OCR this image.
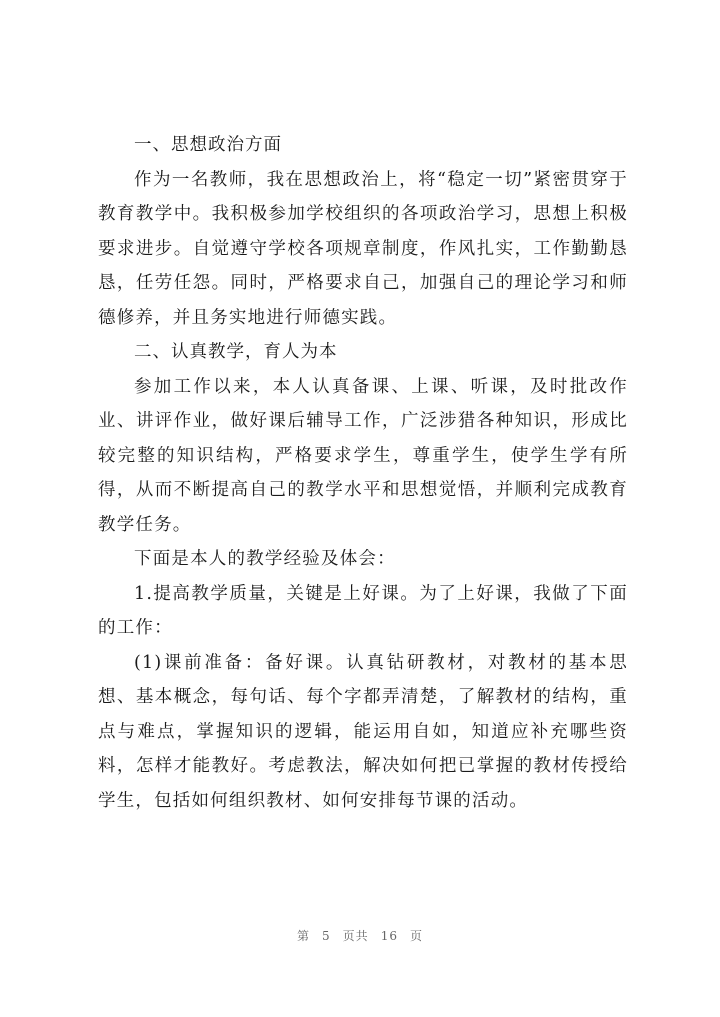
一、思想政治方面

作为一名教师，我在思想政治上，将“稳定一切”紧密贯穿于教育教学中。我积极参加学校组织的各项政治学习，思想上积极要求进步。自觉遵守学校各项规章制度，作风扎实，工作勤勤恳恳，任劳任怨。同时，严格要求自己，加强自己的理论学习和师德修养，并且务实地进行师德实践。

二、认真教学，育人为本

参加工作以来，本人认真备课、上课、听课，及时批改作业、讲评作业，做好课后辅导工作，广泛涉猎各种知识，形成比较完整的知识结构，严格要求学生，尊重学生，使学生学有所得，从而不断提高自己的教学水平和思想觉悟，并顺利完成教育教学任务。

下面是本人的教学经验及体会：

1.提高教学质量，关键是上好课。为了上好课，我做了下面的工作：

(1)课前准备：备好课。认真钻研教材，对教材的基本思想、基本概念，每句话、每个字都弄清楚，了解教材的结构，重点与难点，掌握知识的逻辑，能运用自如，知道应补充哪些资料，怎样才能教好。考虑教法，解决如何把已掌握的教材传授给学生，包括如何组织教材、如何安排每节课的活动。

第 5 页共 16 页
